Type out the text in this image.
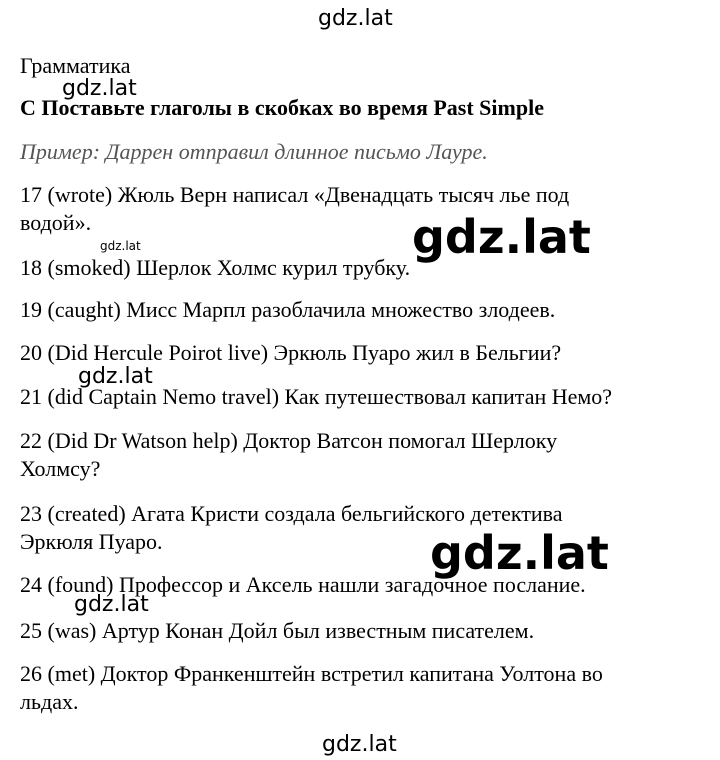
Грамматика
С Поставьте глаголы в скобках во время Past Simple
Пример: Даррен отправил длинное письмо Лауре.
17 (wrote) Жюль Верн написал «Двенадцать тысяч лье под
водой».
18 (smoked) Шерлок Холмс курил трубку.
19 (caught) Мисс Марпл разоблачила множество злодеев.
20 (Did Hercule Poirot live) Эркюль Пуаро жил в Бельгии?
21 (did Captain Nemo travel) Как путешествовал капитан Немо?
22 (Did Dr Watson help) Доктор Ватсон помогал Шерлоку
Холмсу?
23 (created) Агата Кристи создала бельгийского детектива
Эркюля Пуаро.
24 (found) Профессор и Аксель нашли загадочное послание.
25 (was) Артур Конан Дойл был известным писателем.
26 (met) Доктор Франкенштейн встретил капитана Уолтона во
льдах.
gdz.lat
gdz.lat
gdz.lat
gdz.lat
gdz.lat
gdz.lat
gdz.lat
gdz.lat
